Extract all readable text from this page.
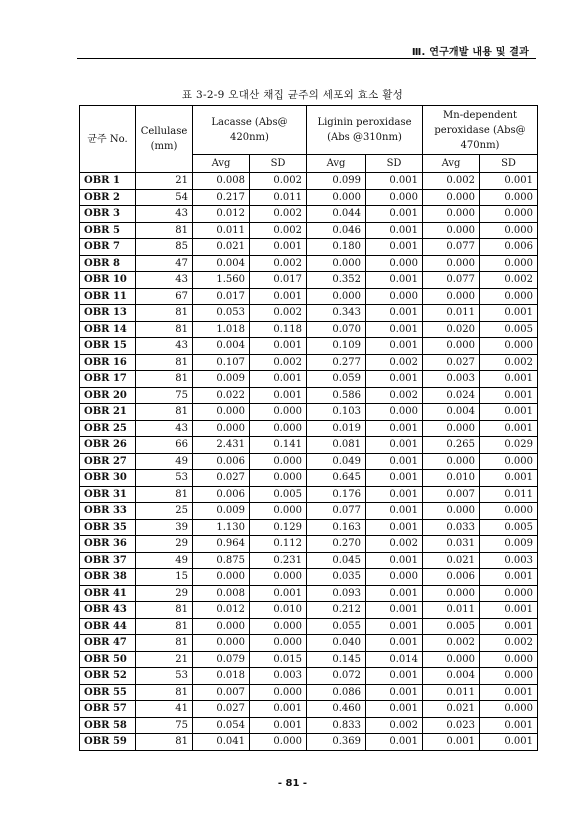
Ⅲ. 연구개발 내용 및 결과
표 3-2-9 오대산 채집 균주의 세포외 효소 활성
균주 No.	Cellulase (mm)	Lacasse (Abs@ 420nm)		Liginin peroxidase (Abs @310nm)		Mn-dependent peroxidase (Abs@ 470nm)	
		Avg	SD	Avg	SD	Avg	SD
OBR 1	21	0.008	0.002	0.099	0.001	0.002	0.001
OBR 2	54	0.217	0.011	0.000	0.000	0.000	0.000
OBR 3	43	0.012	0.002	0.044	0.001	0.000	0.000
OBR 5	81	0.011	0.002	0.046	0.001	0.000	0.000
OBR 7	85	0.021	0.001	0.180	0.001	0.077	0.006
OBR 8	47	0.004	0.002	0.000	0.000	0.000	0.000
OBR 10	43	1.560	0.017	0.352	0.001	0.077	0.002
OBR 11	67	0.017	0.001	0.000	0.000	0.000	0.000
OBR 13	81	0.053	0.002	0.343	0.001	0.011	0.001
OBR 14	81	1.018	0.118	0.070	0.001	0.020	0.005
OBR 15	43	0.004	0.001	0.109	0.001	0.000	0.000
OBR 16	81	0.107	0.002	0.277	0.002	0.027	0.002
OBR 17	81	0.009	0.001	0.059	0.001	0.003	0.001
OBR 20	75	0.022	0.001	0.586	0.002	0.024	0.001
OBR 21	81	0.000	0.000	0.103	0.000	0.004	0.001
OBR 25	43	0.000	0.000	0.019	0.001	0.000	0.001
OBR 26	66	2.431	0.141	0.081	0.001	0.265	0.029
OBR 27	49	0.006	0.000	0.049	0.001	0.000	0.000
OBR 30	53	0.027	0.000	0.645	0.001	0.010	0.001
OBR 31	81	0.006	0.005	0.176	0.001	0.007	0.011
OBR 33	25	0.009	0.000	0.077	0.001	0.000	0.000
OBR 35	39	1.130	0.129	0.163	0.001	0.033	0.005
OBR 36	29	0.964	0.112	0.270	0.002	0.031	0.009
OBR 37	49	0.875	0.231	0.045	0.001	0.021	0.003
OBR 38	15	0.000	0.000	0.035	0.000	0.006	0.001
OBR 41	29	0.008	0.001	0.093	0.001	0.000	0.000
OBR 43	81	0.012	0.010	0.212	0.001	0.011	0.001
OBR 44	81	0.000	0.000	0.055	0.001	0.005	0.001
OBR 47	81	0.000	0.000	0.040	0.001	0.002	0.002
OBR 50	21	0.079	0.015	0.145	0.014	0.000	0.000
OBR 52	53	0.018	0.003	0.072	0.001	0.004	0.000
OBR 55	81	0.007	0.000	0.086	0.001	0.011	0.001
OBR 57	41	0.027	0.001	0.460	0.001	0.021	0.000
OBR 58	75	0.054	0.001	0.833	0.002	0.023	0.001
OBR 59	81	0.041	0.000	0.369	0.001	0.001	0.001
- 81 -
